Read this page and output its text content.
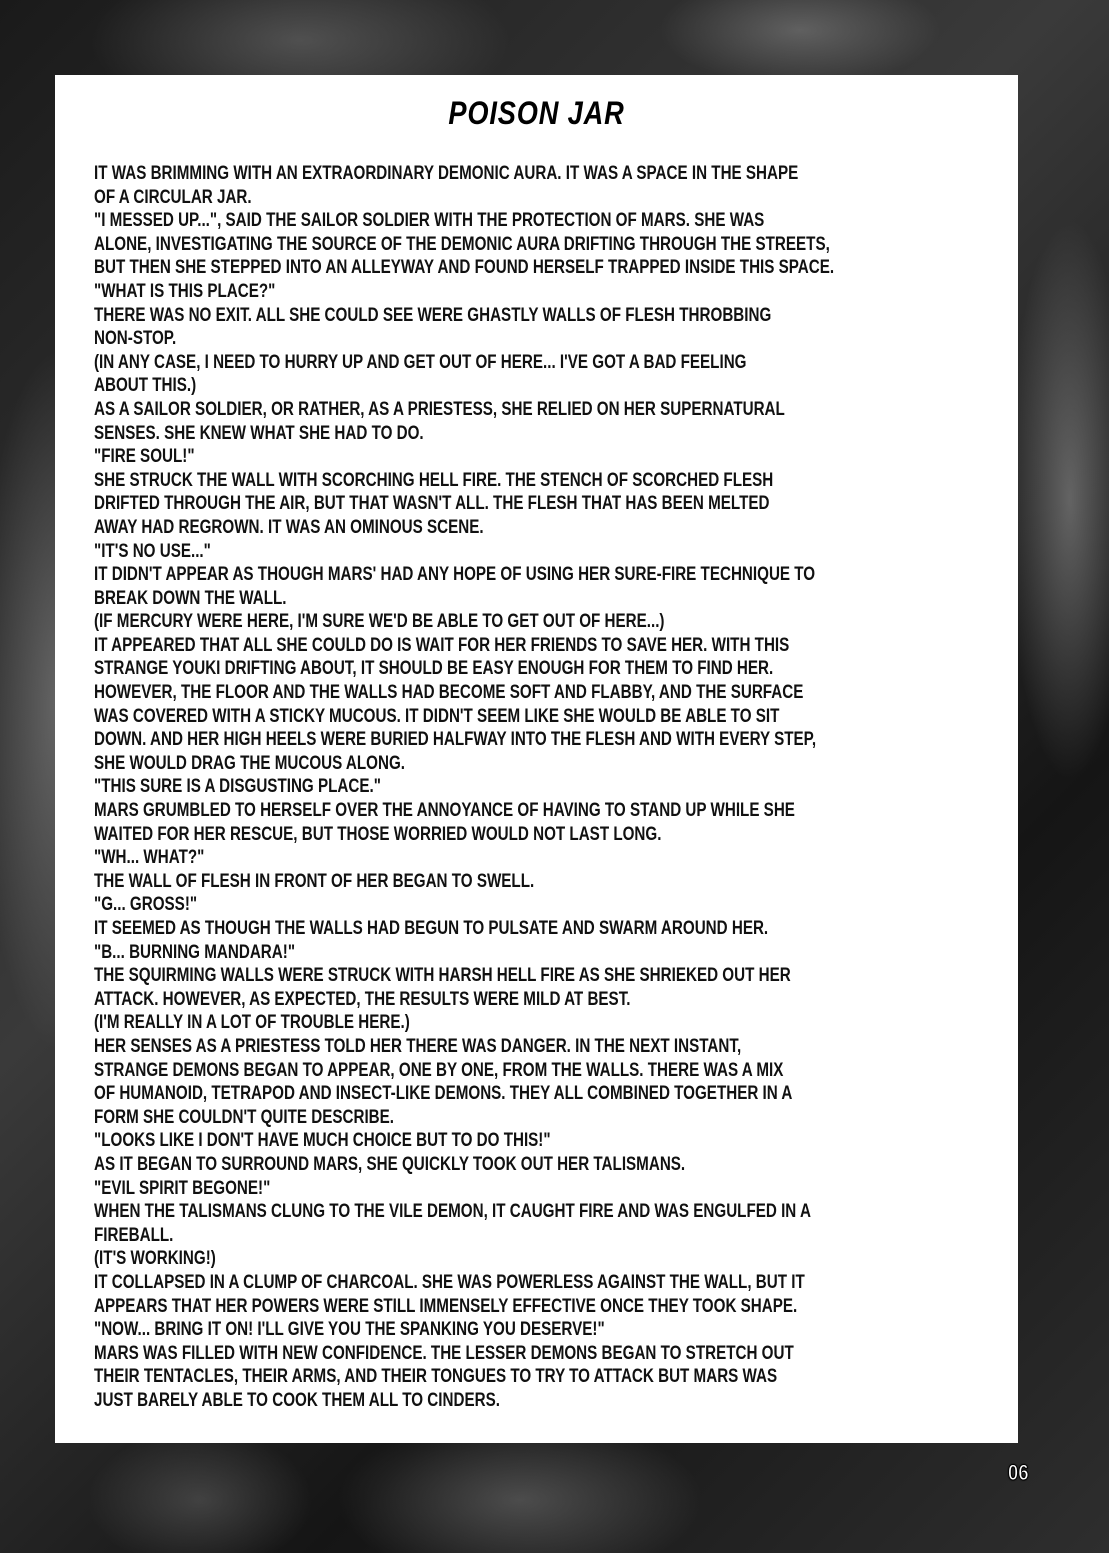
POISON JAR
IT WAS BRIMMING WITH AN EXTRAORDINARY DEMONIC AURA. IT WAS A SPACE IN THE SHAPE
OF A CIRCULAR JAR.
"I MESSED UP...", SAID THE SAILOR SOLDIER WITH THE PROTECTION OF MARS. SHE WAS
ALONE, INVESTIGATING THE SOURCE OF THE DEMONIC AURA DRIFTING THROUGH THE STREETS,
BUT THEN SHE STEPPED INTO AN ALLEYWAY AND FOUND HERSELF TRAPPED INSIDE THIS SPACE.
"WHAT IS THIS PLACE?"
THERE WAS NO EXIT. ALL SHE COULD SEE WERE GHASTLY WALLS OF FLESH THROBBING
NON-STOP.
(IN ANY CASE, I NEED TO HURRY UP AND GET OUT OF HERE... I'VE GOT A BAD FEELING
ABOUT THIS.)
AS A SAILOR SOLDIER, OR RATHER, AS A PRIESTESS, SHE RELIED ON HER SUPERNATURAL
SENSES. SHE KNEW WHAT SHE HAD TO DO.
"FIRE SOUL!"
SHE STRUCK THE WALL WITH SCORCHING HELL FIRE. THE STENCH OF SCORCHED FLESH
DRIFTED THROUGH THE AIR, BUT THAT WASN'T ALL. THE FLESH THAT HAS BEEN MELTED
AWAY HAD REGROWN. IT WAS AN OMINOUS SCENE.
"IT'S NO USE..."
IT DIDN'T APPEAR AS THOUGH MARS' HAD ANY HOPE OF USING HER SURE-FIRE TECHNIQUE TO
BREAK DOWN THE WALL.
(IF MERCURY WERE HERE, I'M SURE WE'D BE ABLE TO GET OUT OF HERE...)
IT APPEARED THAT ALL SHE COULD DO IS WAIT FOR HER FRIENDS TO SAVE HER. WITH THIS
STRANGE YOUKI DRIFTING ABOUT, IT SHOULD BE EASY ENOUGH FOR THEM TO FIND HER.
HOWEVER, THE FLOOR AND THE WALLS HAD BECOME SOFT AND FLABBY, AND THE SURFACE
WAS COVERED WITH A STICKY MUCOUS. IT DIDN'T SEEM LIKE SHE WOULD BE ABLE TO SIT
DOWN. AND HER HIGH HEELS WERE BURIED HALFWAY INTO THE FLESH AND WITH EVERY STEP,
SHE WOULD DRAG THE MUCOUS ALONG.
"THIS SURE IS A DISGUSTING PLACE."
MARS GRUMBLED TO HERSELF OVER THE ANNOYANCE OF HAVING TO STAND UP WHILE SHE
WAITED FOR HER RESCUE, BUT THOSE WORRIED WOULD NOT LAST LONG.
"WH... WHAT?"
THE WALL OF FLESH IN FRONT OF HER BEGAN TO SWELL.
"G... GROSS!"
IT SEEMED AS THOUGH THE WALLS HAD BEGUN TO PULSATE AND SWARM AROUND HER.
"B... BURNING MANDARA!"
THE SQUIRMING WALLS WERE STRUCK WITH HARSH HELL FIRE AS SHE SHRIEKED OUT HER
ATTACK. HOWEVER, AS EXPECTED, THE RESULTS WERE MILD AT BEST.
(I'M REALLY IN A LOT OF TROUBLE HERE.)
HER SENSES AS A PRIESTESS TOLD HER THERE WAS DANGER. IN THE NEXT INSTANT,
STRANGE DEMONS BEGAN TO APPEAR, ONE BY ONE, FROM THE WALLS. THERE WAS A MIX
OF HUMANOID, TETRAPOD AND INSECT-LIKE DEMONS. THEY ALL COMBINED TOGETHER IN A
FORM SHE COULDN'T QUITE DESCRIBE.
"LOOKS LIKE I DON'T HAVE MUCH CHOICE BUT TO DO THIS!"
AS IT BEGAN TO SURROUND MARS, SHE QUICKLY TOOK OUT HER TALISMANS.
"EVIL SPIRIT BEGONE!"
WHEN THE TALISMANS CLUNG TO THE VILE DEMON, IT CAUGHT FIRE AND WAS ENGULFED IN A
FIREBALL.
(IT'S WORKING!)
IT COLLAPSED IN A CLUMP OF CHARCOAL. SHE WAS POWERLESS AGAINST THE WALL, BUT IT
APPEARS THAT HER POWERS WERE STILL IMMENSELY EFFECTIVE ONCE THEY TOOK SHAPE.
"NOW... BRING IT ON! I'LL GIVE YOU THE SPANKING YOU DESERVE!"
MARS WAS FILLED WITH NEW CONFIDENCE. THE LESSER DEMONS BEGAN TO STRETCH OUT
THEIR TENTACLES, THEIR ARMS, AND THEIR TONGUES TO TRY TO ATTACK BUT MARS WAS
JUST BARELY ABLE TO COOK THEM ALL TO CINDERS.
06
